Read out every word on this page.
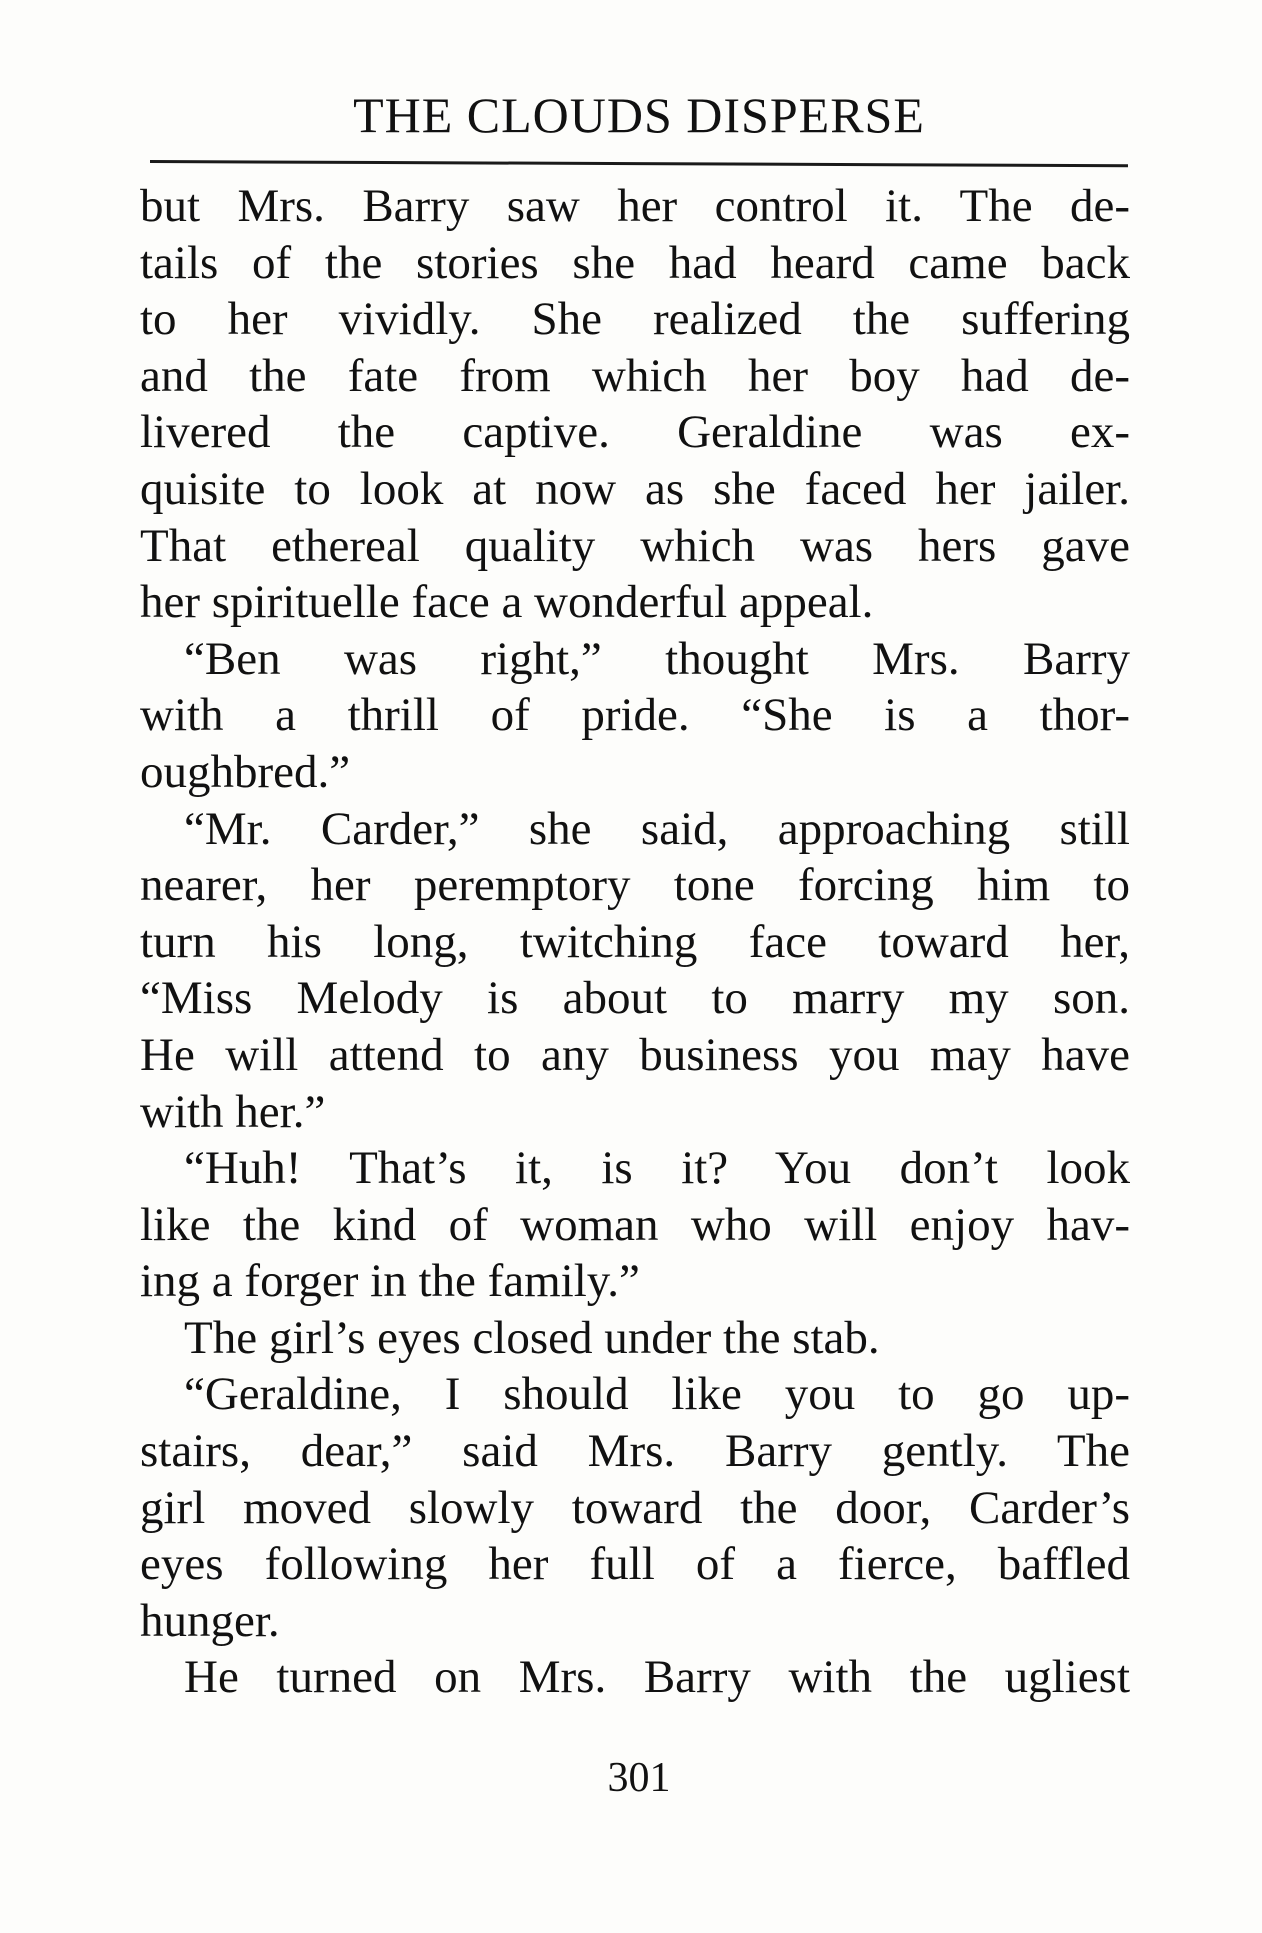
THE CLOUDS DISPERSE
but Mrs. Barry saw her control it. The de-
tails of the stories she had heard came back
to her vividly. She realized the suffering
and the fate from which her boy had de-
livered the captive. Geraldine was ex-
quisite to look at now as she faced her jailer.
That ethereal quality which was hers gave
her spirituelle face a wonderful appeal.
“Ben was right,” thought Mrs. Barry
with a thrill of pride. “She is a thor-
oughbred.”
“Mr. Carder,” she said, approaching still
nearer, her peremptory tone forcing him to
turn his long, twitching face toward her,
“Miss Melody is about to marry my son.
He will attend to any business you may have
with her.”
“Huh! That’s it, is it? You don’t look
like the kind of woman who will enjoy hav-
ing a forger in the family.”
The girl’s eyes closed under the stab.
“Geraldine, I should like you to go up-
stairs, dear,” said Mrs. Barry gently. The
girl moved slowly toward the door, Carder’s
eyes following her full of a fierce, baffled
hunger.
He turned on Mrs. Barry with the ugliest
301
